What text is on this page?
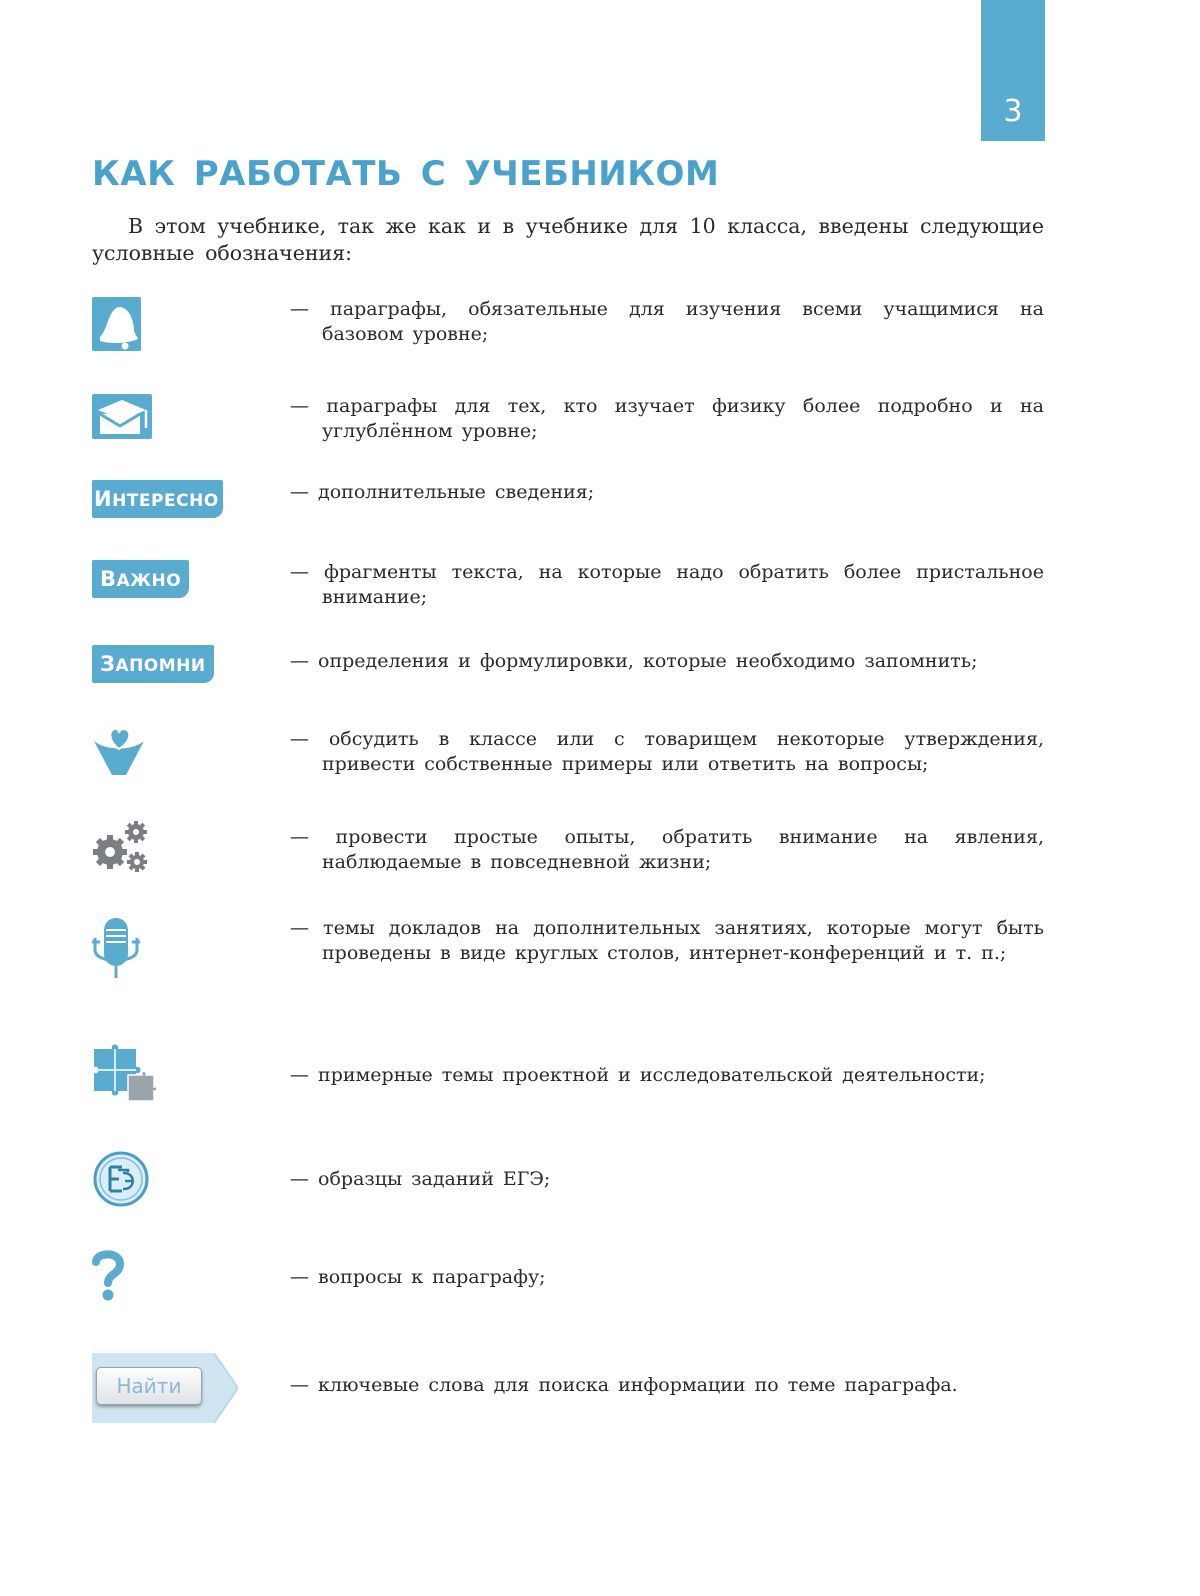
3
КАК РАБОТАТЬ С УЧЕБНИКОМ

В этом учебнике, так же как и в учебнике для 10 класса, введены следующие условные обозначения:

— параграфы, обязательные для изучения всеми учащимися на базовом уровне;

— параграфы для тех, кто изучает физику более подробно и на углублённом уровне;

ИНТЕРЕСНО	— дополнительные сведения;

ВАЖНО	— фрагменты текста, на которые надо обратить более пристальное внимание;

ЗАПОМНИ	— определения и формулировки, которые необходимо запомнить;

— обсудить в классе или с товарищем некоторые утверждения, привести собственные примеры или ответить на вопросы;

— провести простые опыты, обратить внимание на явления, наблюдаемые в повседневной жизни;

— темы докладов на дополнительных занятиях, которые могут быть проведены в виде круглых столов, интернет-конференций и т. п.;

— примерные темы проектной и исследовательской деятельности;

— образцы заданий ЕГЭ;

— вопросы к параграфу;

Найти	— ключевые слова для поиска информации по теме параграфа.
